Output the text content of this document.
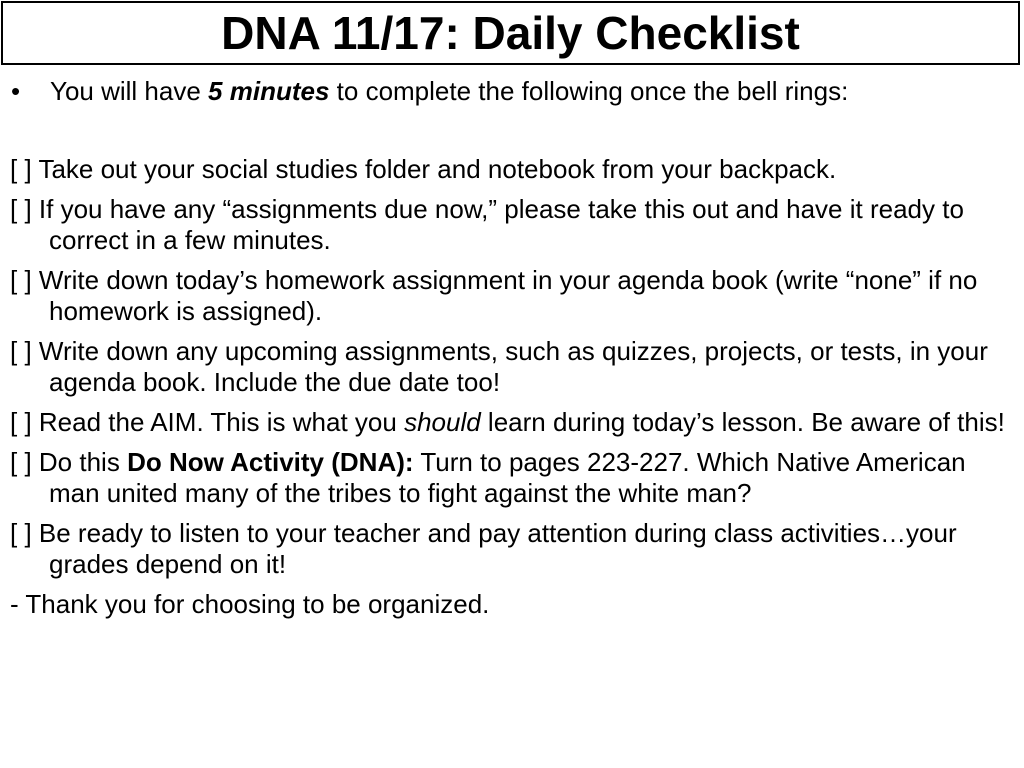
DNA 11/17: Daily Checklist
• You will have 5 minutes to complete the following once the bell rings:
[ ] Take out your social studies folder and notebook from your backpack.
[ ] If you have any “assignments due now,” please take this out and have it ready to correct in a few minutes.
[ ] Write down today’s homework assignment in your agenda book (write “none” if no homework is assigned).
[ ] Write down any upcoming assignments, such as quizzes, projects, or tests, in your agenda book. Include the due date too!
[ ] Read the AIM. This is what you should learn during today’s lesson. Be aware of this!
[ ] Do this Do Now Activity (DNA): Turn to pages 223-227. Which Native American man united many of the tribes to fight against the white man?
[ ] Be ready to listen to your teacher and pay attention during class activities…your grades depend on it!
- Thank you for choosing to be organized.
